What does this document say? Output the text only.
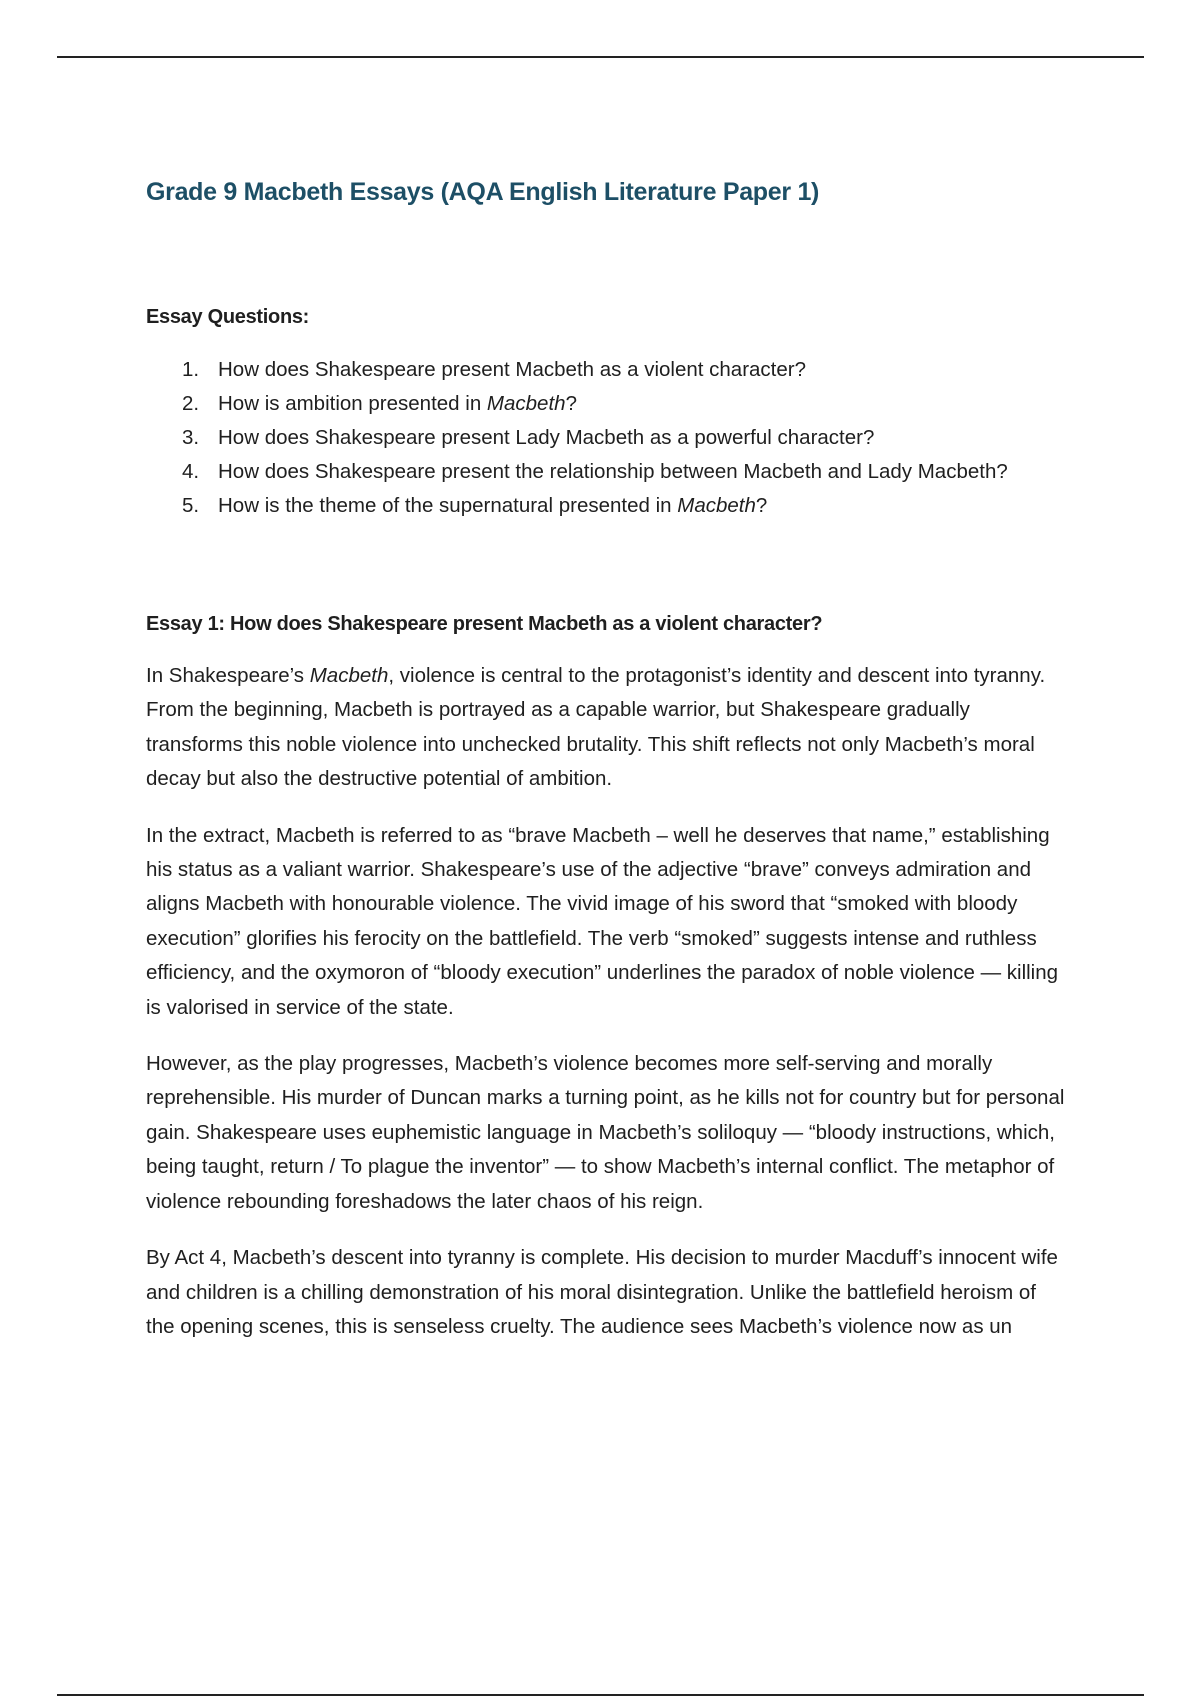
Grade 9 Macbeth Essays (AQA English Literature Paper 1)
Essay Questions:
1. How does Shakespeare present Macbeth as a violent character?
2. How is ambition presented in Macbeth?
3. How does Shakespeare present Lady Macbeth as a powerful character?
4. How does Shakespeare present the relationship between Macbeth and Lady Macbeth?
5. How is the theme of the supernatural presented in Macbeth?
Essay 1: How does Shakespeare present Macbeth as a violent character?

In Shakespeare’s Macbeth, violence is central to the protagonist’s identity and descent into tyranny. From the beginning, Macbeth is portrayed as a capable warrior, but Shakespeare gradually transforms this noble violence into unchecked brutality. This shift reflects not only Macbeth’s moral decay but also the destructive potential of ambition.

In the extract, Macbeth is referred to as “brave Macbeth – well he deserves that name,” establishing his status as a valiant warrior. Shakespeare’s use of the adjective “brave” conveys admiration and aligns Macbeth with honourable violence. The vivid image of his sword that “smoked with bloody execution” glorifies his ferocity on the battlefield. The verb “smoked” suggests intense and ruthless efficiency, and the oxymoron of “bloody execution” underlines the paradox of noble violence — killing is valorised in service of the state.

However, as the play progresses, Macbeth’s violence becomes more self-serving and morally reprehensible. His murder of Duncan marks a turning point, as he kills not for country but for personal gain. Shakespeare uses euphemistic language in Macbeth’s soliloquy — “bloody instructions, which, being taught, return / To plague the inventor” — to show Macbeth’s internal conflict. The metaphor of violence rebounding foreshadows the later chaos of his reign.

By Act 4, Macbeth’s descent into tyranny is complete. His decision to murder Macduff’s innocent wife and children is a chilling demonstration of his moral disintegration. Unlike the battlefield heroism of the opening scenes, this is senseless cruelty. The audience sees Macbeth’s violence now as un
